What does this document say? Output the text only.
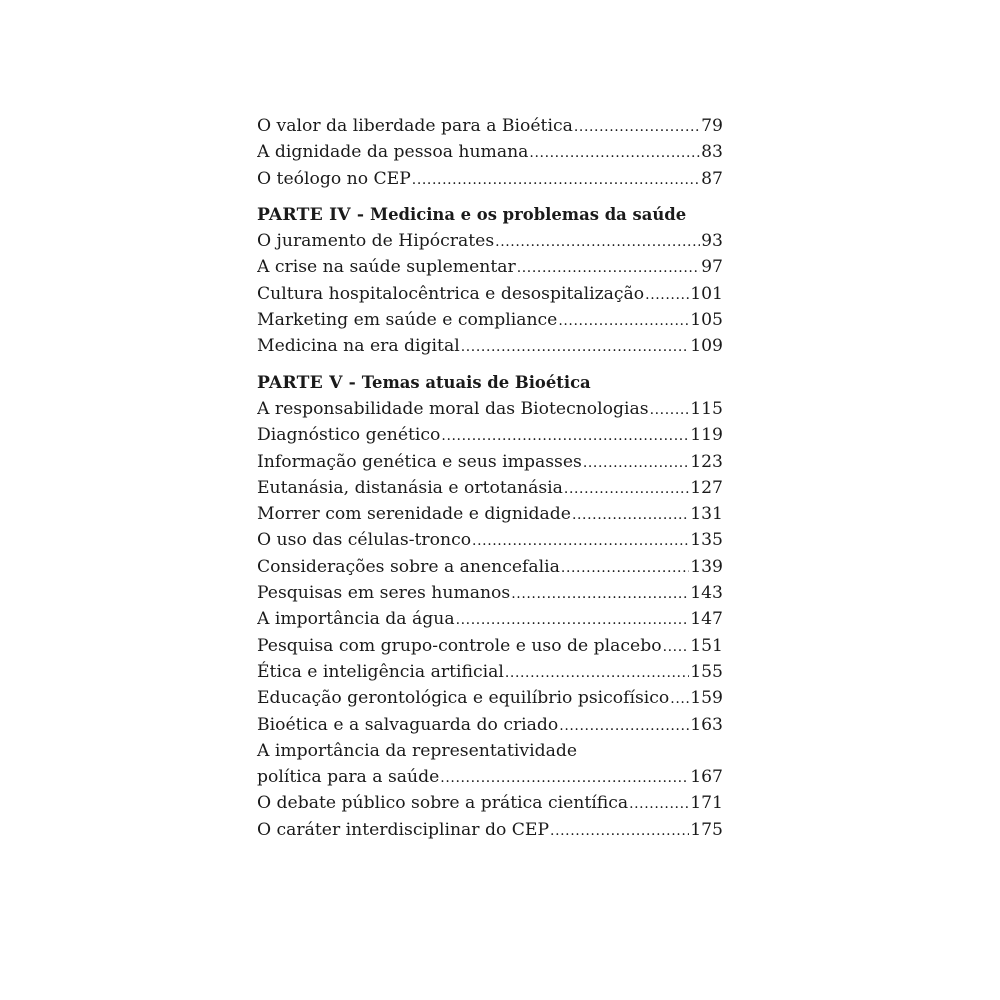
O valor da liberdade para a Bioética .....	79
A dignidade da pessoa humana .....	83
O teólogo no CEP .....	87
PARTE IV - Medicina e os problemas da saúde
O juramento de Hipócrates .....	93
A crise na saúde suplementar .....	97
Cultura hospitalocêntrica e desospitalização .....	101
Marketing em saúde e compliance .....	105
Medicina na era digital .....	109
PARTE V - Temas atuais de Bioética
A responsabilidade moral das Biotecnologias ..... 115
Diagnóstico genético .....	119
Informação genética e seus impasses .....	123
Eutanásia, distanásia e ortotanásia .....	127
Morrer com serenidade e dignidade .....	131
O uso das células-tronco .....	135
Considerações sobre a anencefalia .....	139
Pesquisas em seres humanos .....	143
A importância da água .....	147
Pesquisa com grupo-controle e uso de placebo ..... 151
Ética e inteligência artificial .....	155
Educação gerontológica e equilíbrio psicofísico ..... 159
Bioética e a salvaguarda do criado .....	163
A importância da representatividade
política para a saúde .....	167
O debate público sobre a prática científica .....	171
O caráter interdisciplinar do CEP .....	175
